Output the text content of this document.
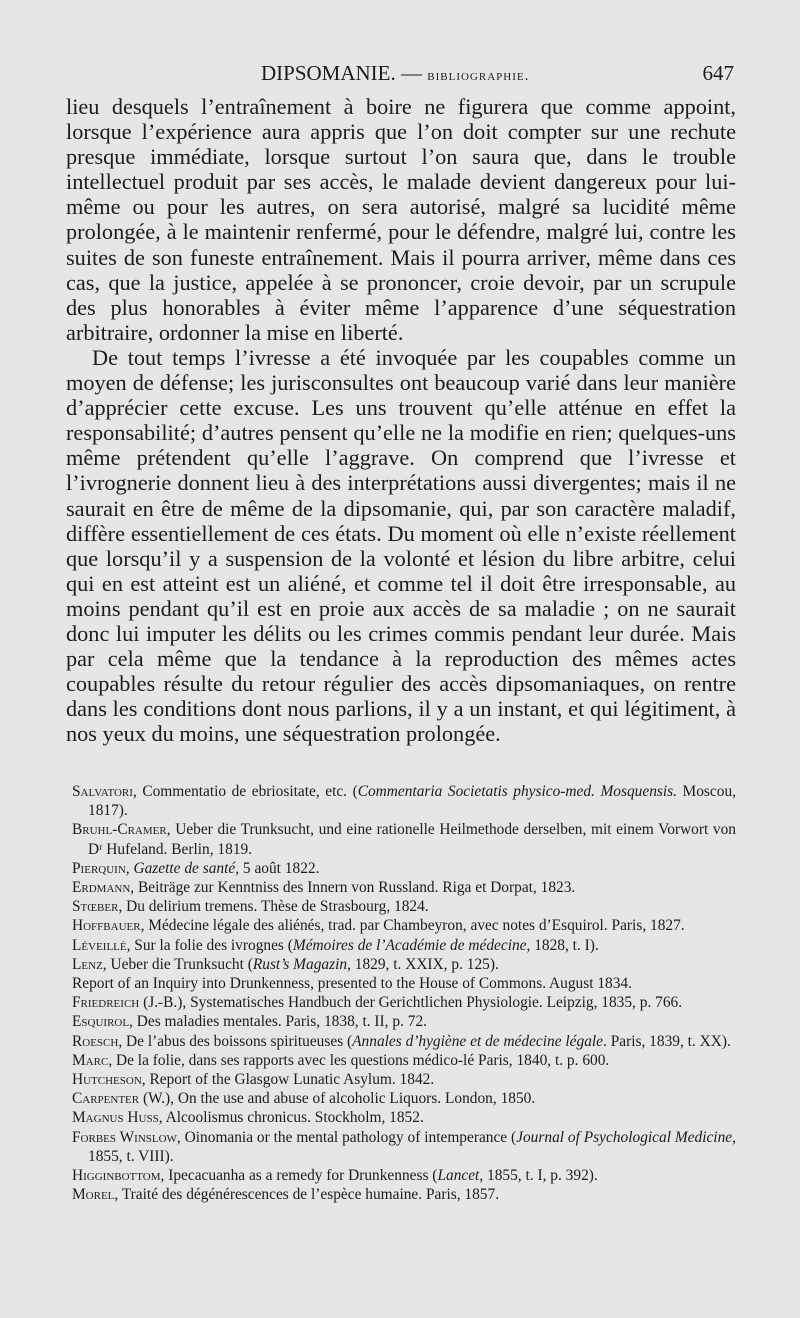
DIPSOMANIE. — bibliographie.	647

lieu desquels l’entraînement à boire ne figurera que comme appoint, lorsque l’expérience aura appris que l’on doit compter sur une rechute presque immédiate, lorsque surtout l’on saura que, dans le trouble intellectuel produit par ses accès, le malade devient dangereux pour lui-même ou pour les autres, on sera autorisé, malgré sa lucidité même prolongée, à le maintenir renfermé, pour le défendre, malgré lui, contre les suites de son funeste entraînement. Mais il pourra arriver, même dans ces cas, que la justice, appelée à se prononcer, croie devoir, par un scrupule des plus honorables à éviter même l’apparence d’une séquestration arbitraire, ordonner la mise en liberté.

De tout temps l’ivresse a été invoquée par les coupables comme un moyen de défense; les jurisconsultes ont beaucoup varié dans leur manière d’apprécier cette excuse. Les uns trouvent qu’elle atténue en effet la responsabilité; d’autres pensent qu’elle ne la modifie en rien; quelques-uns même prétendent qu’elle l’aggrave. On comprend que l’ivresse et l’ivrognerie donnent lieu à des interprétations aussi divergentes; mais il ne saurait en être de même de la dipsomanie, qui, par son caractère maladif, diffère essentiellement de ces états. Du moment où elle n’existe réellement que lorsqu’il y a suspension de la volonté et lésion du libre arbitre, celui qui en est atteint est un aliéné, et comme tel il doit être irresponsable, au moins pendant qu’il est en proie aux accès de sa maladie ; on ne saurait donc lui imputer les délits ou les crimes commis pendant leur durée. Mais par cela même que la tendance à la reproduction des mêmes actes coupables résulte du retour régulier des accès dipsomaniaques, on rentre dans les conditions dont nous parlions, il y a un instant, et qui légitiment, à nos yeux du moins, une séquestration prolongée.

Salvatori, Commentatio de ebriositate, etc. (Commentaria Societatis physico-med. Mosquensis. Moscou, 1817).

Bruhl-Cramer, Ueber die Trunksucht, und eine rationelle Heilmethode derselben, mit einem Vorwort von Dʳ Hufeland. Berlin, 1819.

Pierquin, Gazette de santé, 5 août 1822.

Erdmann, Beiträge zur Kenntniss des Innern von Russland. Riga et Dorpat, 1823.

Stœber, Du delirium tremens. Thèse de Strasbourg, 1824.

Hoffbauer, Médecine légale des aliénés, trad. par Chambeyron, avec notes d’Esquirol. Paris, 1827.

Léveillé, Sur la folie des ivrognes (Mémoires de l’Académie de médecine, 1828, t. I).

Lenz, Ueber die Trunksucht (Rust’s Magazin, 1829, t. XXIX, p. 125).

Report of an Inquiry into Drunkenness, presented to the House of Commons. August 1834.

Friedreich (J.-B.), Systematisches Handbuch der Gerichtlichen Physiologie. Leipzig, 1835, p. 766.

Esquirol, Des maladies mentales. Paris, 1838, t. II, p. 72.

Roesch, De l’abus des boissons spiritueuses (Annales d’hygiène et de médecine légale. Paris, 1839, t. XX).

Marc, De la folie, dans ses rapports avec les questions médico-lé Paris, 1840, t. p. 600.

Hutcheson, Report of the Glasgow Lunatic Asylum. 1842.

Carpenter (W.), On the use and abuse of alcoholic Liquors. London, 1850.

Magnus Huss, Alcoolismus chronicus. Stockholm, 1852.

Forbes Winslow, Oinomania or the mental pathology of intemperance (Journal of Psychological Medicine, 1855, t. VIII).

Higginbottom, Ipecacuanha as a remedy for Drunkenness (Lancet, 1855, t. I, p. 392).

Morel, Traité des dégénérescences de l’espèce humaine. Paris, 1857.
